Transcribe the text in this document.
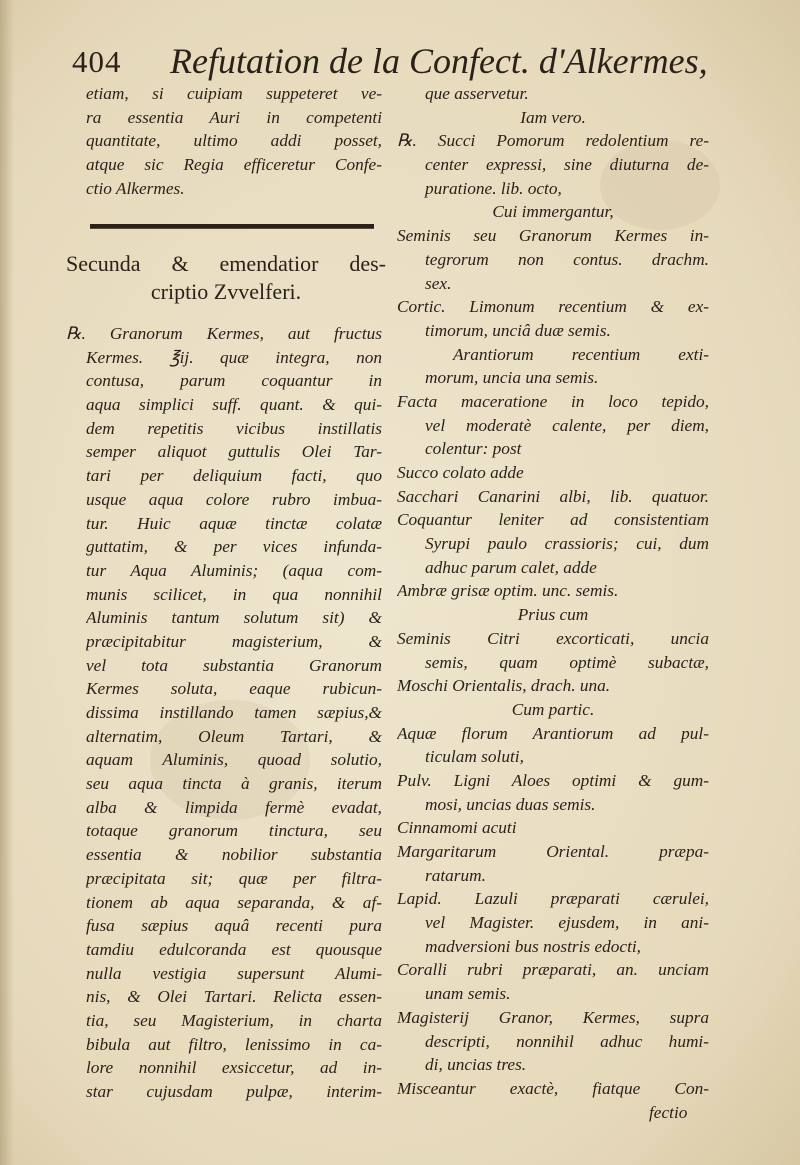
404 Refutation de la Confect. d'Alkermes,
etiam, si cuipiam suppeteret ve-
ra essentia Auri in competenti
quantitate, ultimo addi posset,
atque sic Regia efficeretur Confe-
ctio Alkermes.
Secunda & emendatior des-
criptio Zvvelferi.
℞. Granorum Kermes, aut fructus
Kermes. ℥ij. quæ integra, non
contusa, parum coquantur in
aqua simplici suff. quant. & qui-
dem repetitis vicibus instillatis
semper aliquot guttulis Olei Tar-
tari per deliquium facti, quo
usque aqua colore rubro imbua-
tur. Huic aquæ tinctæ colatæ
guttatim, & per vices infunda-
tur Aqua Aluminis; (aqua com-
munis scilicet, in qua nonnihil
Aluminis tantum solutum sit) &
præcipitabitur magisterium, &
vel tota substantia Granorum
Kermes soluta, eaque rubicun-
dissima instillando tamen sæpius,&
alternatim, Oleum Tartari, &
aquam Aluminis, quoad solutio,
seu aqua tincta à granis, iterum
alba & limpida fermè evadat,
totaque granorum tinctura, seu
essentia & nobilior substantia
præcipitata sit; quæ per filtra-
tionem ab aqua separanda, & af-
fusa sæpius aquâ recenti pura
tamdiu edulcoranda est quousque
nulla vestigia supersunt Alumi-
nis, & Olei Tartari. Relicta essen-
tia, seu Magisterium, in charta
bibula aut filtro, lenissimo in ca-
lore nonnihil exsiccetur, ad in-
star cujusdam pulpæ, interim-
que asservetur.
Iam vero.
℞. Succi Pomorum redolentium re-
center expressi, sine diuturna de-
puratione. lib. octo,
Cui immergantur,
Seminis seu Granorum Kermes in-
tegrorum non contus. drachm.
sex.
Cortic. Limonum recentium & ex-
timorum, unciâ duæ semis.
Arantiorum recentium exti-
morum, uncia una semis.
Facta maceratione in loco tepido,
vel moderatè calente, per diem,
colentur: post
Succo colato adde
Sacchari Canarini albi, lib. quatuor.
Coquantur leniter ad consistentiam
Syrupi paulo crassioris; cui, dum
adhuc parum calet, adde
Ambræ grisæ optim. unc. semis.
Prius cum
Seminis Citri excorticati, uncia
semis, quam optimè subactæ,
Moschi Orientalis, drach. una.
Cum partic.
Aquæ florum Arantiorum ad pul-
ticulam soluti,
Pulv. Ligni Aloes optimi & gum-
mosi, uncias duas semis.
Cinnamomi acuti
Margaritarum Oriental. præpa-
ratarum.
Lapid. Lazuli præparati cærulei,
vel Magister. ejusdem, in ani-
madversioni bus nostris edocti,
Coralli rubri præparati, an. unciam
unam semis.
Magisterij Granor, Kermes, supra
descripti, nonnihil adhuc humi-
di, uncias tres.
Misceantur exactè, fiatque Con-
fectio
